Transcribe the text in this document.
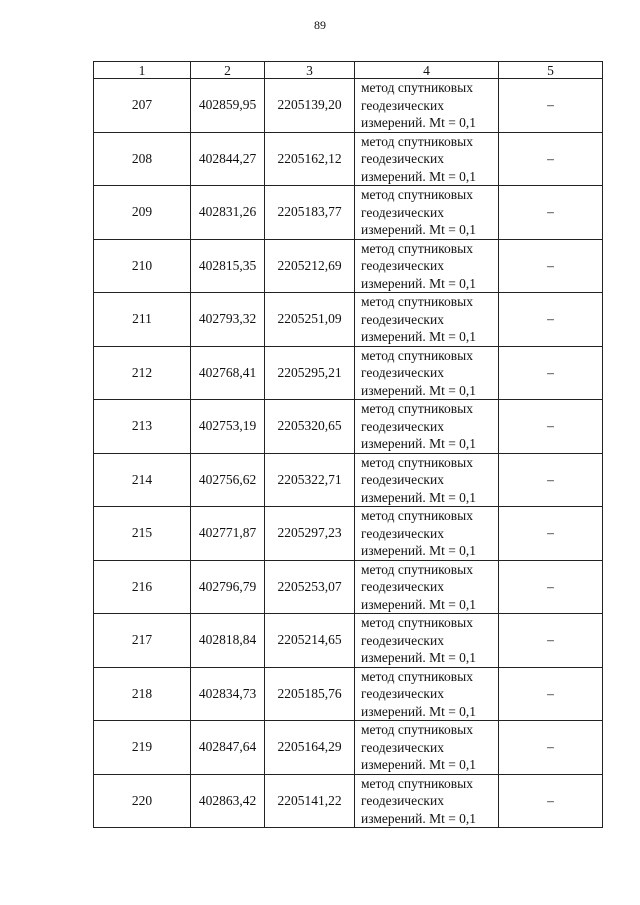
89
1	2	3	4	5
207	402859,95	2205139,20	метод спутниковых
геодезических
измерений. Mt = 0,1	–
208	402844,27	2205162,12	метод спутниковых
геодезических
измерений. Mt = 0,1	–
209	402831,26	2205183,77	метод спутниковых
геодезических
измерений. Mt = 0,1	–
210	402815,35	2205212,69	метод спутниковых
геодезических
измерений. Mt = 0,1	–
211	402793,32	2205251,09	метод спутниковых
геодезических
измерений. Mt = 0,1	–
212	402768,41	2205295,21	метод спутниковых
геодезических
измерений. Mt = 0,1	–
213	402753,19	2205320,65	метод спутниковых
геодезических
измерений. Mt = 0,1	–
214	402756,62	2205322,71	метод спутниковых
геодезических
измерений. Mt = 0,1	–
215	402771,87	2205297,23	метод спутниковых
геодезических
измерений. Mt = 0,1	–
216	402796,79	2205253,07	метод спутниковых
геодезических
измерений. Mt = 0,1	–
217	402818,84	2205214,65	метод спутниковых
геодезических
измерений. Mt = 0,1	–
218	402834,73	2205185,76	метод спутниковых
геодезических
измерений. Mt = 0,1	–
219	402847,64	2205164,29	метод спутниковых
геодезических
измерений. Mt = 0,1	–
220	402863,42	2205141,22	метод спутниковых
геодезических
измерений. Mt = 0,1	–
